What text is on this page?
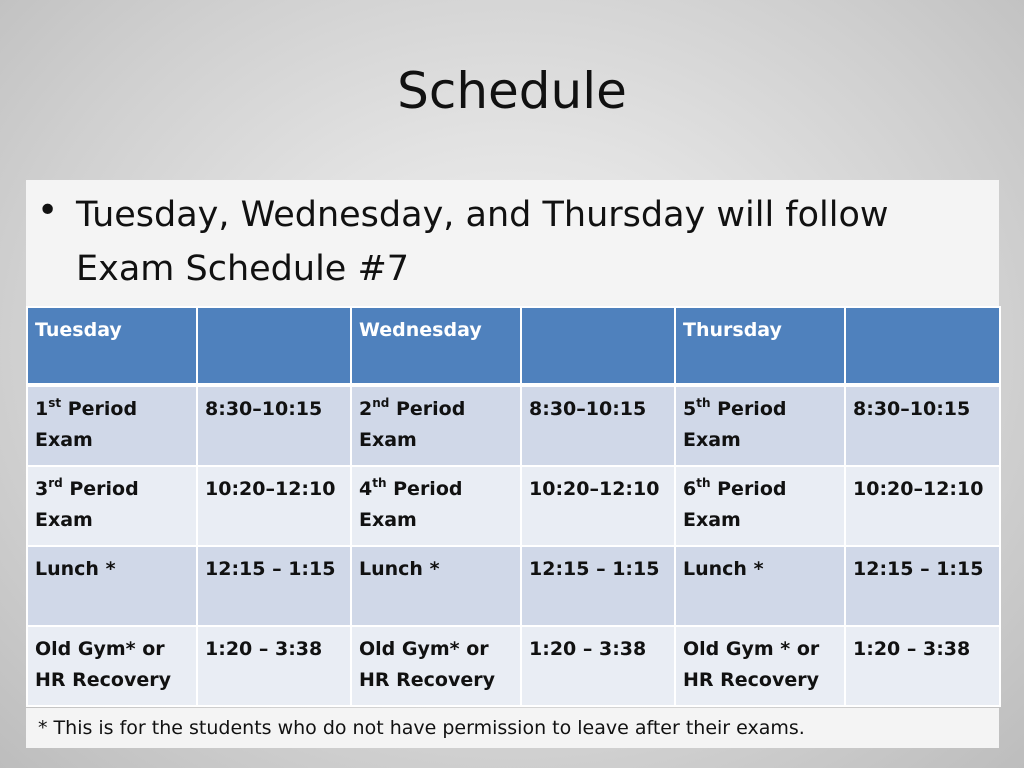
Schedule
• Tuesday, Wednesday, and Thursday will follow Exam Schedule #7
Tuesday		Wednesday		Thursday	
1st Period Exam	8:30–10:15	2nd Period Exam	8:30–10:15	5th Period Exam	8:30–10:15
3rd Period Exam	10:20–12:10	4th Period Exam	10:20–12:10	6th Period Exam	10:20–12:10
Lunch *	12:15 – 1:15	Lunch *	12:15 – 1:15	Lunch *	12:15 – 1:15
Old Gym* or HR Recovery	1:20 – 3:38	Old Gym* or HR Recovery	1:20 – 3:38	Old Gym * or HR Recovery	1:20 – 3:38
* This is for the students who do not have permission to leave after their exams.
